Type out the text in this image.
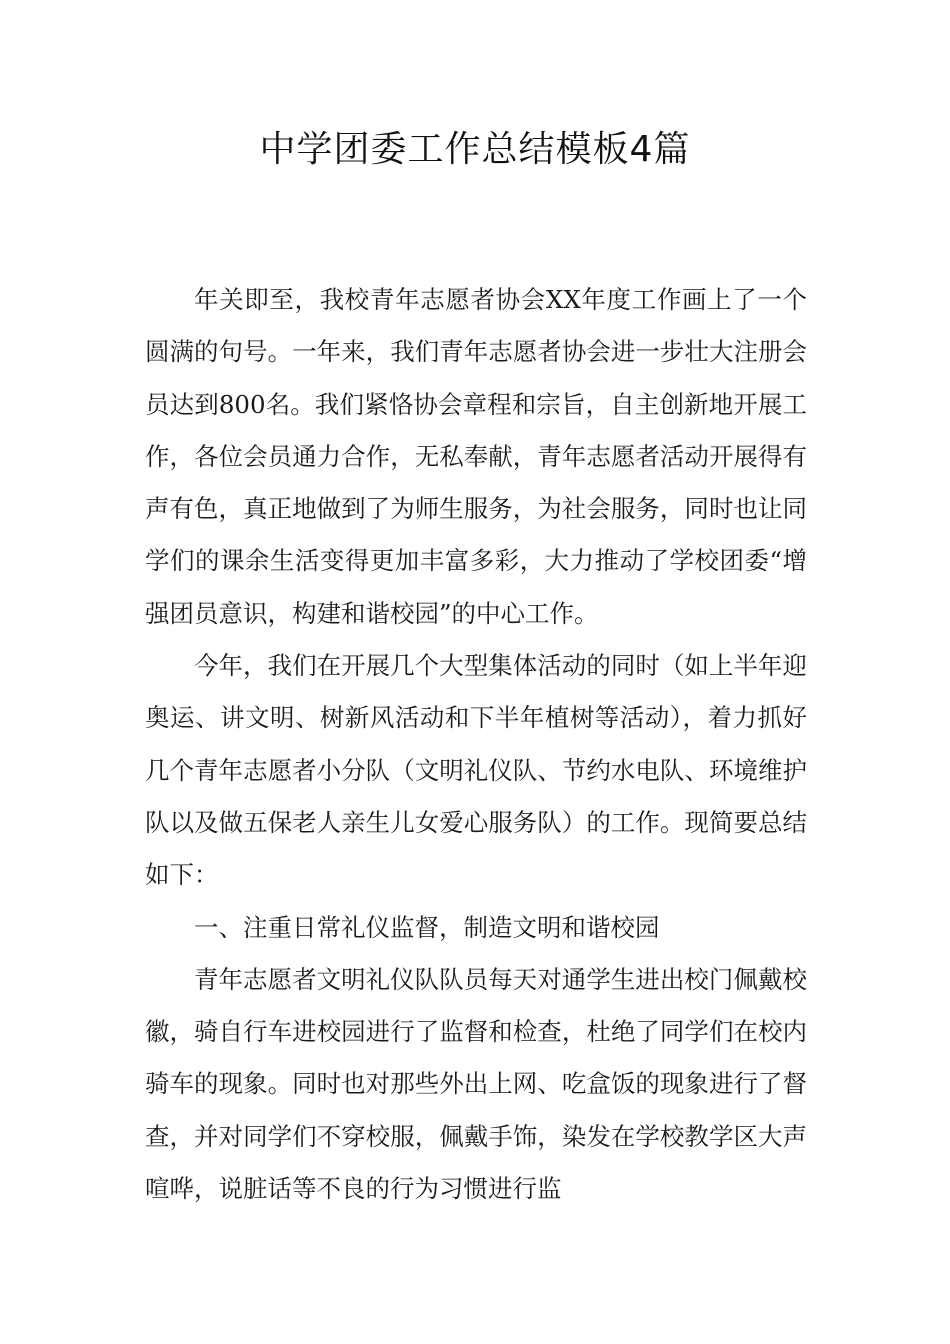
中学团委工作总结模板4篇

年关即至，我校青年志愿者协会XX年度工作画上了一个圆满的句号。一年来，我们青年志愿者协会进一步壮大注册会员达到800名。我们紧恪协会章程和宗旨，自主创新地开展工作，各位会员通力合作，无私奉献，青年志愿者活动开展得有声有色，真正地做到了为师生服务，为社会服务，同时也让同学们的课余生活变得更加丰富多彩，大力推动了学校团委“增强团员意识，构建和谐校园”的中心工作。

今年，我们在开展几个大型集体活动的同时（如上半年迎奥运、讲文明、树新风活动和下半年植树等活动），着力抓好几个青年志愿者小分队（文明礼仪队、节约水电队、环境维护队以及做五保老人亲生儿女爱心服务队）的工作。现简要总结如下：

一、注重日常礼仪监督，制造文明和谐校园

青年志愿者文明礼仪队队员每天对通学生进出校门佩戴校徽，骑自行车进校园进行了监督和检查，杜绝了同学们在校内骑车的现象。同时也对那些外出上网、吃盒饭的现象进行了督查，并对同学们不穿校服，佩戴手饰，染发在学校教学区大声喧哗，说脏话等不良的行为习惯进行监
